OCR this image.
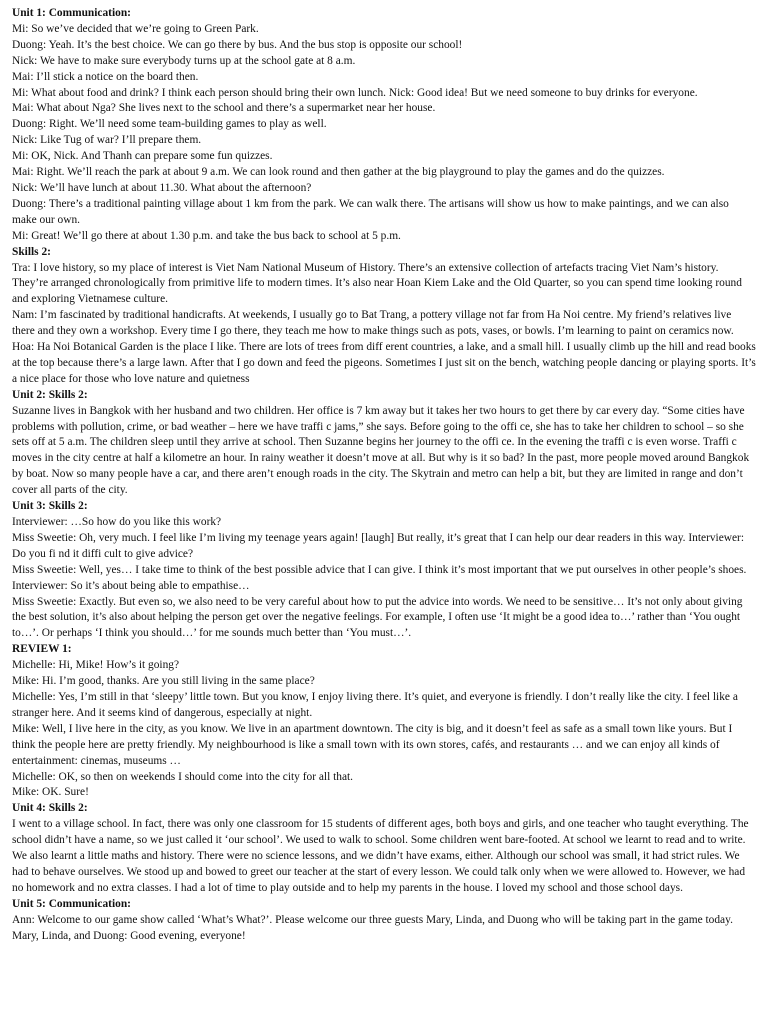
Unit 1: Communication:

Mi: So we’ve decided that we’re going to Green Park.

Duong: Yeah. It’s the best choice. We can go there by bus. And the bus stop is opposite our school!

Nick: We have to make sure everybody turns up at the school gate at 8 a.m.

Mai: I’ll stick a notice on the board then.

Mi: What about food and drink? I think each person should bring their own lunch. Nick: Good idea! But we need someone to buy drinks for everyone.

Mai: What about Nga? She lives next to the school and there’s a supermarket near her house.

Duong: Right. We’ll need some team-building games to play as well.

Nick: Like Tug of war? I’ll prepare them.

Mi: OK, Nick. And Thanh can prepare some fun quizzes.

Mai: Right. We’ll reach the park at about 9 a.m. We can look round and then gather at the big playground to play the games and do the quizzes.

Nick: We’ll have lunch at about 11.30. What about the afternoon?

Duong: There’s a traditional painting village about 1 km from the park. We can walk there. The artisans will show us how to make paintings, and we can also make our own.

Mi: Great! We’ll go there at about 1.30 p.m. and take the bus back to school at 5 p.m.

Skills 2:

Tra: I love history, so my place of interest is Viet Nam National Museum of History. There’s an extensive collection of artefacts tracing Viet Nam’s history. They’re arranged chronologically from primitive life to modern times. It’s also near Hoan Kiem Lake and the Old Quarter, so you can spend time looking round and exploring Vietnamese culture.

Nam: I’m fascinated by traditional handicrafts. At weekends, I usually go to Bat Trang, a pottery village not far from Ha Noi centre. My friend’s relatives live there and they own a workshop. Every time I go there, they teach me how to make things such as pots, vases, or bowls. I’m learning to paint on ceramics now.

Hoa: Ha Noi Botanical Garden is the place I like. There are lots of trees from diff erent countries, a lake, and a small hill. I usually climb up the hill and read books at the top because there’s a large lawn. After that I go down and feed the pigeons. Sometimes I just sit on the bench, watching people dancing or playing sports. It’s a nice place for those who love nature and quietness

Unit 2: Skills 2:

Suzanne lives in Bangkok with her husband and two children. Her office is 7 km away but it takes her two hours to get there by car every day. “Some cities have problems with pollution, crime, or bad weather – here we have traffi c jams,” she says. Before going to the offi ce, she has to take her children to school – so she sets off at 5 a.m. The children sleep until they arrive at school. Then Suzanne begins her journey to the offi ce. In the evening the traffi c is even worse. Traffi c moves in the city centre at half a kilometre an hour. In rainy weather it doesn’t move at all. But why is it so bad? In the past, more people moved around Bangkok by boat. Now so many people have a car, and there aren’t enough roads in the city. The Skytrain and metro can help a bit, but they are limited in range and don’t cover all parts of the city.

Unit 3: Skills 2:

Interviewer: …So how do you like this work?

Miss Sweetie: Oh, very much. I feel like I’m living my teenage years again! [laugh] But really, it’s great that I can help our dear readers in this way. Interviewer: Do you fi nd it diffi cult to give advice?

Miss Sweetie: Well, yes… I take time to think of the best possible advice that I can give. I think it’s most important that we put ourselves in other people’s shoes. Interviewer: So it’s about being able to empathise…

Miss Sweetie: Exactly. But even so, we also need to be very careful about how to put the advice into words. We need to be sensitive… It’s not only about giving the best solution, it’s also about helping the person get over the negative feelings. For example, I often use ‘It might be a good idea to…’ rather than ‘You ought to…’. Or perhaps ‘I think you should…’ for me sounds much better than ‘You must…’.

REVIEW 1:

Michelle: Hi, Mike! How’s it going?

Mike: Hi. I’m good, thanks. Are you still living in the same place?

Michelle: Yes, I’m still in that ‘sleepy’ little town. But you know, I enjoy living there. It’s quiet, and everyone is friendly. I don’t really like the city. I feel like a stranger here. And it seems kind of dangerous, especially at night.

Mike: Well, I live here in the city, as you know. We live in an apartment downtown. The city is big, and it doesn’t feel as safe as a small town like yours. But I think the people here are pretty friendly. My neighbourhood is like a small town with its own stores, cafés, and restaurants … and we can enjoy all kinds of entertainment: cinemas, museums …

Michelle: OK, so then on weekends I should come into the city for all that.

Mike: OK. Sure!

Unit 4: Skills 2:

I went to a village school. In fact, there was only one classroom for 15 students of different ages, both boys and girls, and one teacher who taught everything. The school didn’t have a name, so we just called it ‘our school’. We used to walk to school. Some children went bare-footed. At school we learnt to read and to write. We also learnt a little maths and history. There were no science lessons, and we didn’t have exams, either. Although our school was small, it had strict rules. We had to behave ourselves. We stood up and bowed to greet our teacher at the start of every lesson. We could talk only when we were allowed to. However, we had no homework and no extra classes. I had a lot of time to play outside and to help my parents in the house. I loved my school and those school days.

Unit 5: Communication:

Ann: Welcome to our game show called ‘What’s What?’. Please welcome our three guests Mary, Linda, and Duong who will be taking part in the game today. Mary, Linda, and Duong: Good evening, everyone!
